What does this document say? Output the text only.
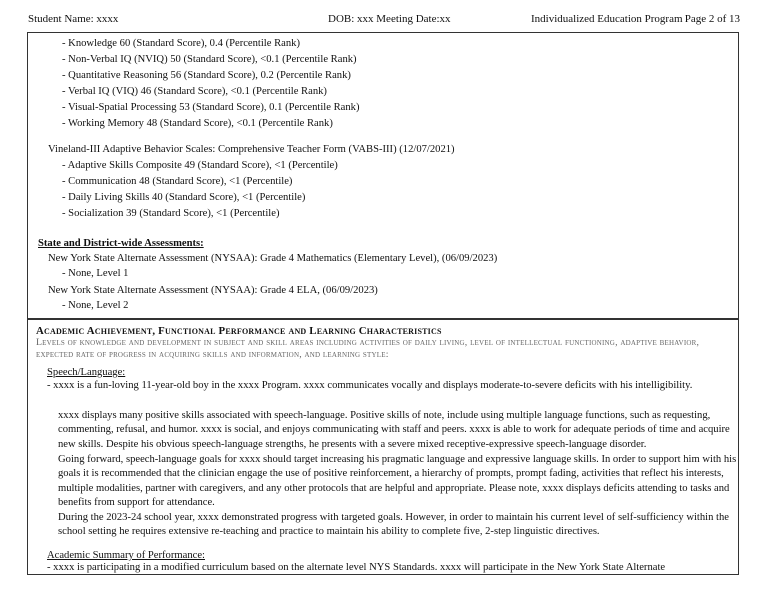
Student Name: xxxx	DOB: xxx Meeting Date:xx	Individualized Education Program Page 2 of 13
- Knowledge 60 (Standard Score), 0.4 (Percentile Rank)
- Non-Verbal IQ (NVIQ) 50 (Standard Score), <0.1 (Percentile Rank)
- Quantitative Reasoning 56 (Standard Score), 0.2 (Percentile Rank)
- Verbal IQ (VIQ) 46 (Standard Score), <0.1 (Percentile Rank)
- Visual-Spatial Processing 53 (Standard Score), 0.1 (Percentile Rank)
- Working Memory 48 (Standard Score), <0.1 (Percentile Rank)
Vineland-III Adaptive Behavior Scales: Comprehensive Teacher Form (VABS-III) (12/07/2021)
- Adaptive Skills Composite 49 (Standard Score), <1 (Percentile)
- Communication 48 (Standard Score), <1 (Percentile)
- Daily Living Skills 40 (Standard Score), <1 (Percentile)
- Socialization 39 (Standard Score), <1 (Percentile)
State and District-wide Assessments:
New York State Alternate Assessment (NYSAA): Grade 4 Mathematics (Elementary Level), (06/09/2023)
- None, Level 1
New York State Alternate Assessment (NYSAA): Grade 4 ELA, (06/09/2023)
- None, Level 2
Academic Achievement, Functional Performance and Learning Characteristics
Levels of knowledge and development in subject and skill areas including activities of daily living, level of intellectual functioning, adaptive behavior, expected rate of progress in acquiring skills and information, and learning style:
Speech/Language:
- xxxx is a fun-loving 11-year-old boy in the xxxx Program. xxxx communicates vocally and displays moderate-to-severe deficits with his intelligibility.
xxxx displays many positive skills associated with speech-language. Positive skills of note, include using multiple language functions, such as requesting, commenting, refusal, and humor. xxxx is social, and enjoys communicating with staff and peers. xxxx is able to work for adequate periods of time and acquire new skills. Despite his obvious speech-language strengths, he presents with a severe mixed receptive-expressive speech-language disorder.
Going forward, speech-language goals for xxxx should target increasing his pragmatic language and expressive language skills. In order to support him with his goals it is recommended that the clinician engage the use of positive reinforcement, a hierarchy of prompts, prompt fading, activities that reflect his interests, multiple modalities, partner with caregivers, and any other protocols that are helpful and appropriate. Please note, xxxx displays deficits attending to tasks and benefits from support for attendance.
During the 2023-24 school year, xxxx demonstrated progress with targeted goals. However, in order to maintain his current level of self-sufficiency within the school setting he requires extensive re-teaching and practice to maintain his ability to complete five, 2-step linguistic directives.
Academic Summary of Performance:
- xxxx is participating in a modified curriculum based on the alternate level NYS Standards. xxxx will participate in the New York State Alternate
